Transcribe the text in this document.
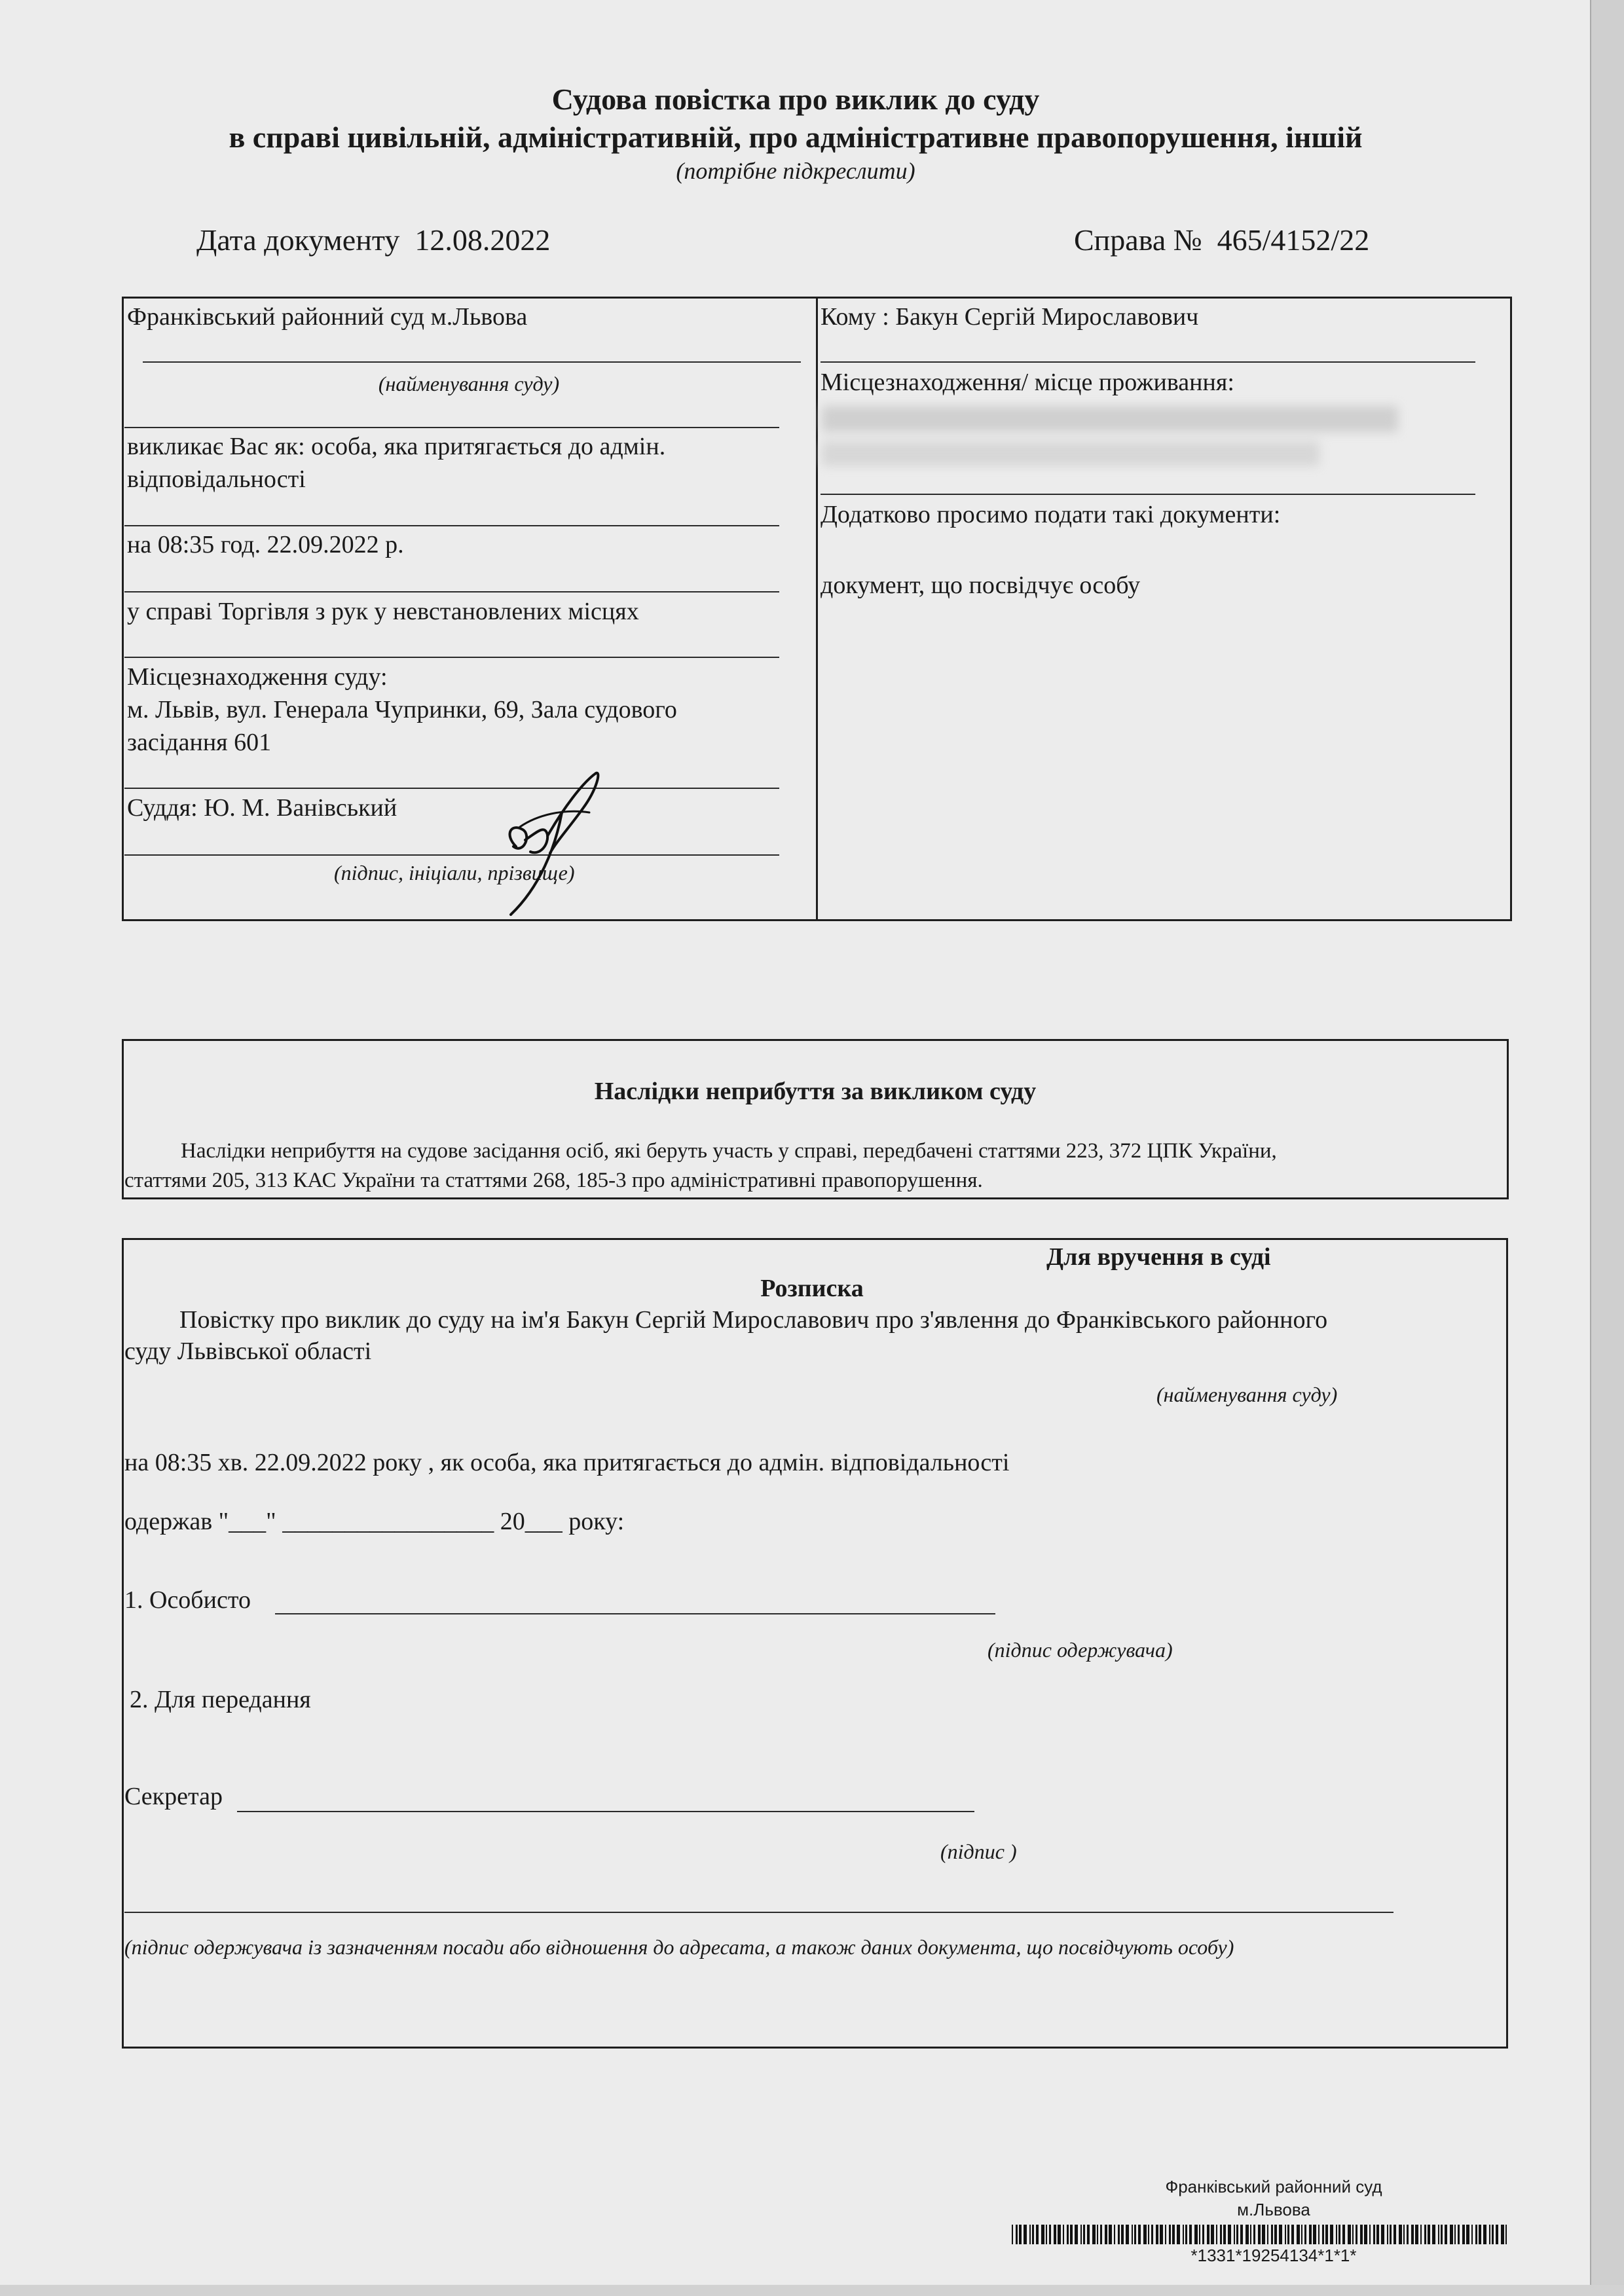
Судова повістка про виклик до суду
в справі цивільній, адміністративній, про адміністративне правопорушення, іншій
(потрібне підкреслити)
Дата документу 12.08.2022	Справа № 465/4152/22
Франківський районний суд м.Львова
(найменування суду)
викликає Вас як: особа, яка притягається до адмін.
відповідальності
на 08:35 год. 22.09.2022 р.
у справі Торгівля з рук у невстановлених місцях
Місцезнаходження суду:
м. Львів, вул. Генерала Чупринки, 69, Зала судового
засідання 601
Суддя: Ю. М. Ванівський
(підпис, ініціали, прізвище)
Кому : Бакун Сергій Мирославович
Місцезнаходження/ місце проживання:
Додатково просимо подати такі документи:
документ, що посвідчує особу
Наслідки неприбуття за викликом суду
Наслідки неприбуття на судове засідання осіб, які беруть участь у справі, передбачені статтями 223, 372 ЦПК України,
статтями 205, 313 КАС України та статтями 268, 185-3 про адміністративні правопорушення.
Для вручення в суді
Розписка
Повістку про виклик до суду на ім'я Бакун Сергій Мирославович про з'явлення до Франківського районного
суду Львівської області
(найменування суду)
на 08:35 хв. 22.09.2022 року , як особа, яка притягається до адмін. відповідальності
одержав "___" _________________ 20___ року:
1. Особисто
(підпис одержувача)
2. Для передання
Секретар
(підпис )
(підпис одержувача із зазначенням посади або відношення до адресата, а також даних документа, що посвідчують особу)
Франківський районний суд
м.Львова
*1331*19254134*1*1*
